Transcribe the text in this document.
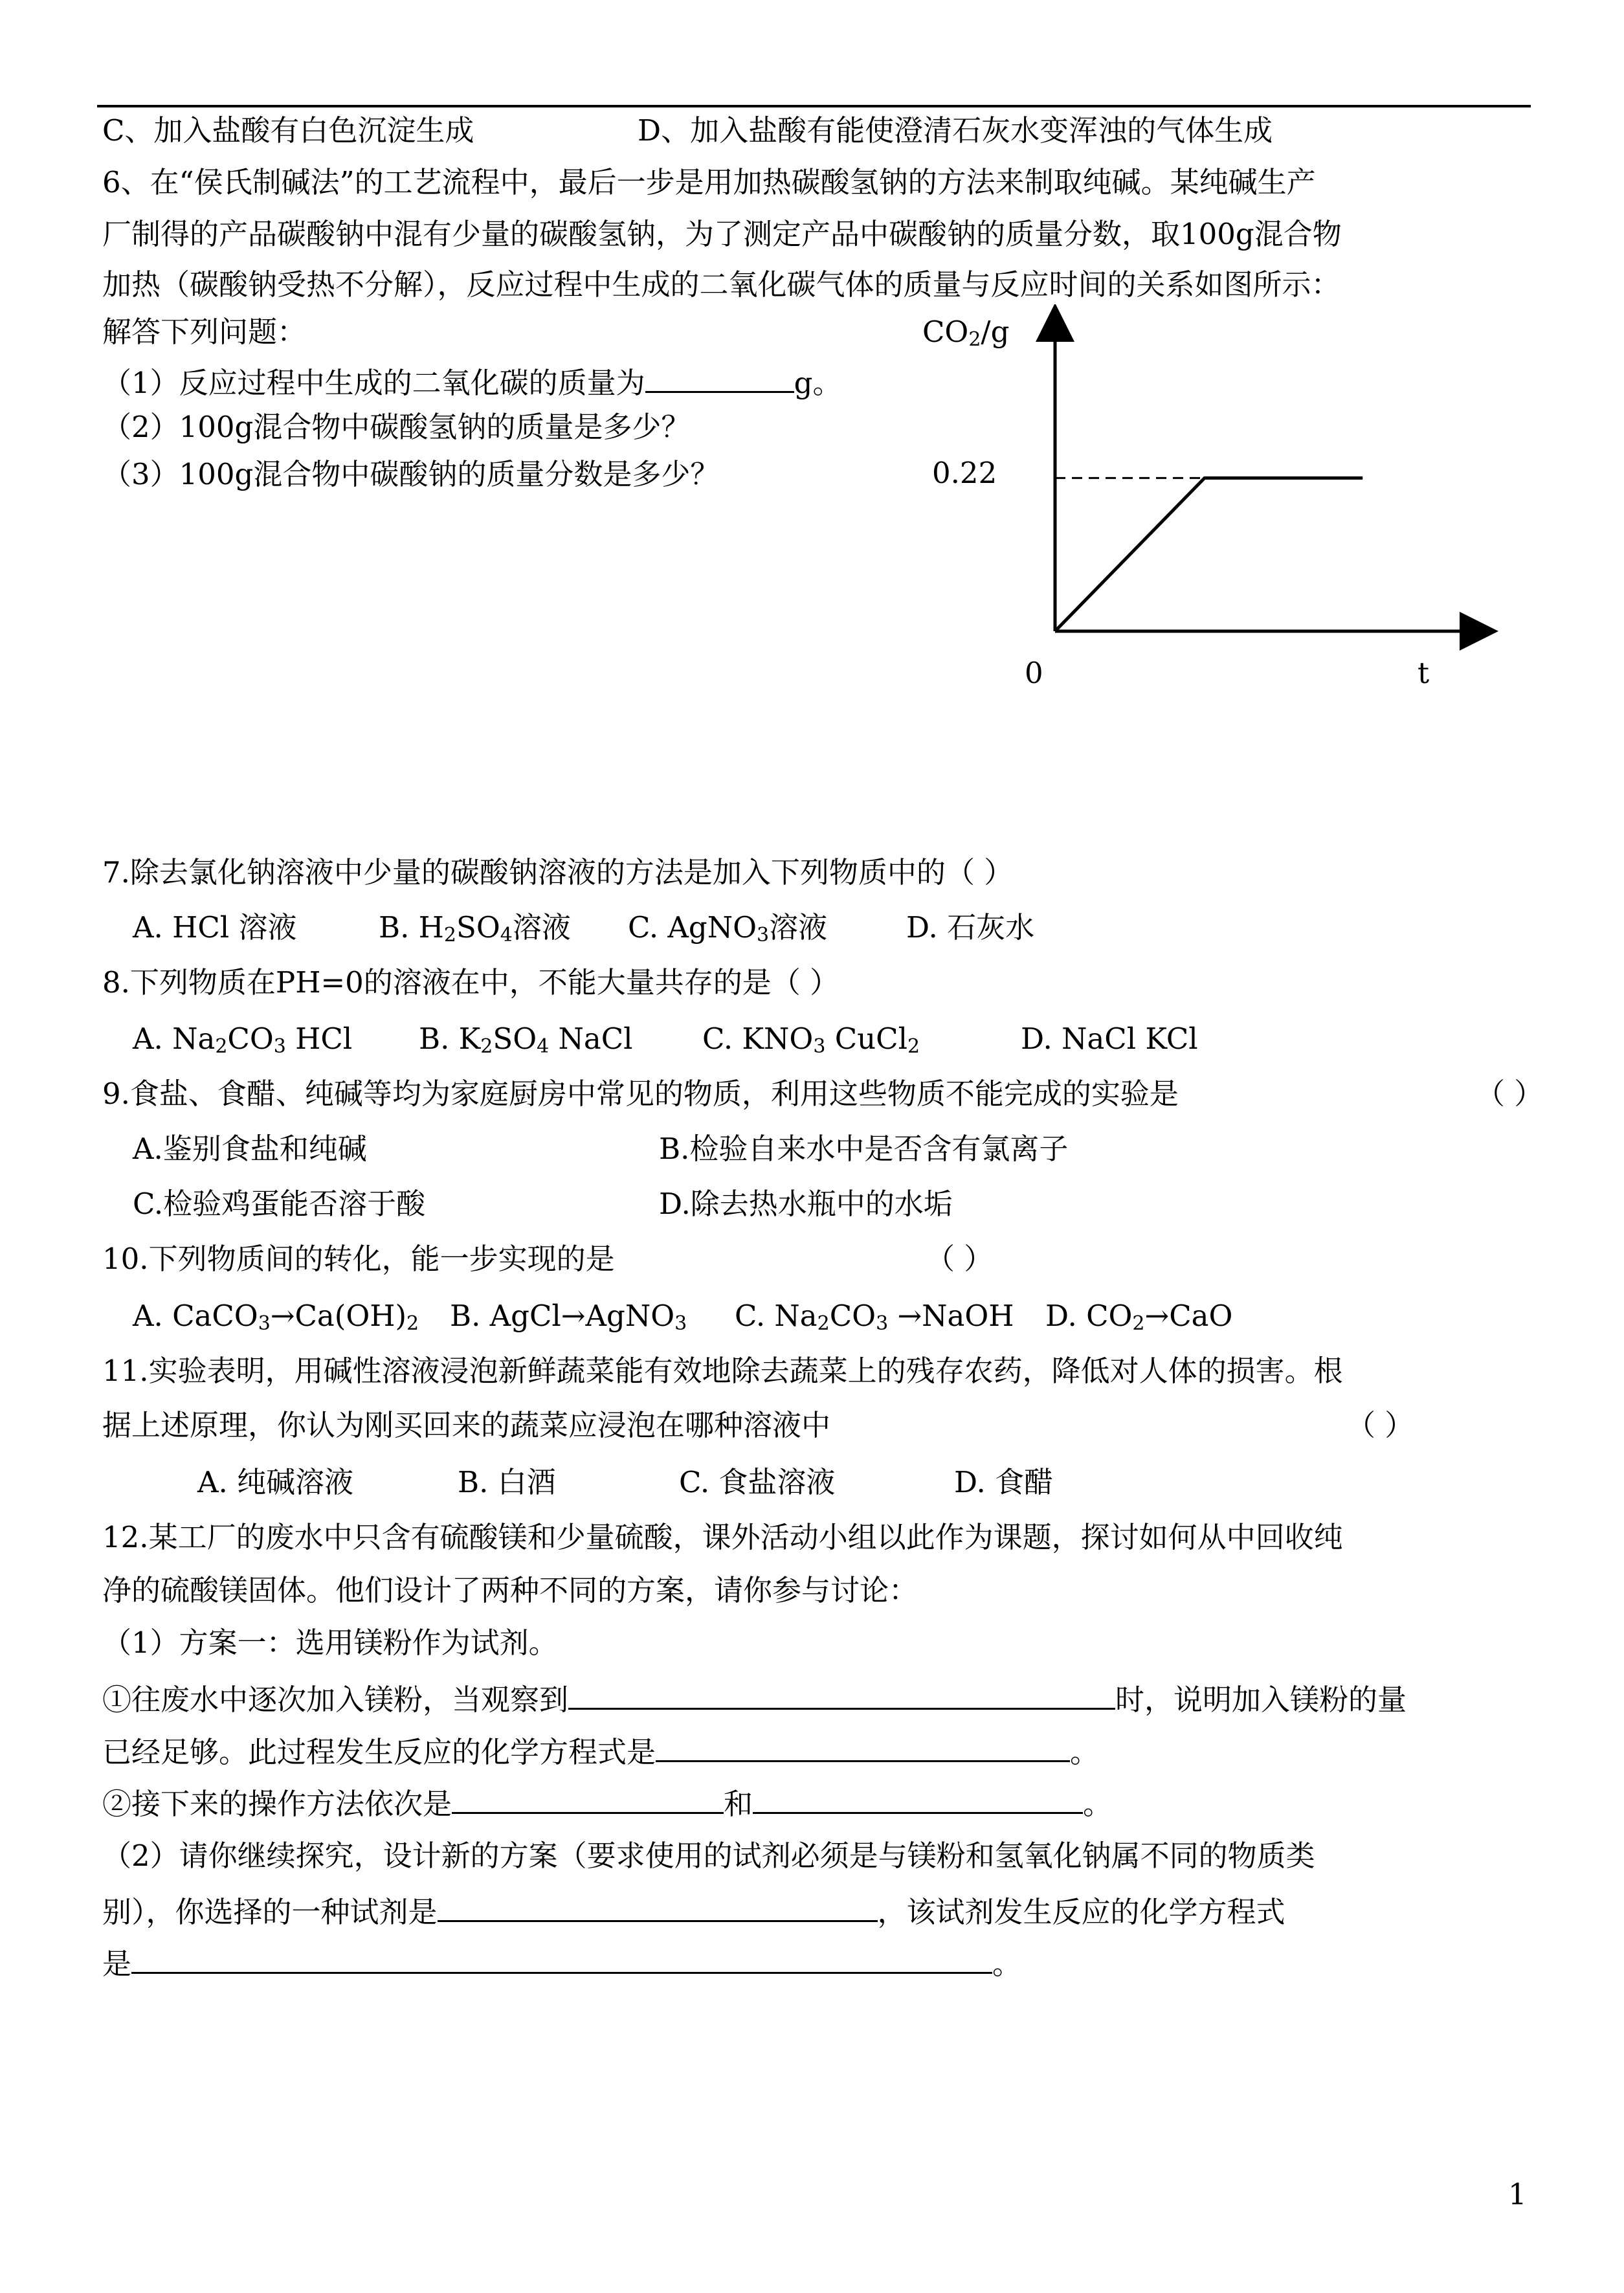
C、加入盐酸有白色沉淀生成	D、加入盐酸有能使澄清石灰水变浑浊的气体生成
6、在“侯氏制碱法”的工艺流程中，最后一步是用加热碳酸氢钠的方法来制取纯碱。某纯碱生产
厂制得的产品碳酸钠中混有少量的碳酸氢钠，为了测定产品中碳酸钠的质量分数，取100g混合物
加热（碳酸钠受热不分解），反应过程中生成的二氧化碳气体的质量与反应时间的关系如图所示：
解答下列问题：
（1）反应过程中生成的二氧化碳的质量为	g。
（2）100g混合物中碳酸氢钠的质量是多少？
（3）100g混合物中碳酸钠的质量分数是多少？
$CO_2/g$
0.22
0	t
7.除去氯化钠溶液中少量的碳酸钠溶液的方法是加入下列物质中的（ ）
A. HCl 溶液	B. $H_2SO_4$溶液 C. AgNO$_3$溶液	D. 石灰水
8.下列物质在PH=0的溶液在中，不能大量共存的是（ ）
A. $Na_2CO_3$ HCl B. $K_2SO_4$ NaCl C. $KNO_3$ CuCl$_2$	D. NaCl KCl
9.食盐、食醋、纯碱等均为家庭厨房中常见的物质，利用这些物质不能完成的实验是	（ ）
A.鉴别食盐和纯碱	B.检验自来水中是否含有氯离子
C.检验鸡蛋能否溶于酸	D.除去热水瓶中的水垢
10.下列物质间的转化，能一步实现的是	（ ）
A. $CaCO_3\to Ca(OH)_2$ B. AgCl→AgNO$_3$ C. $Na_2CO_3$ →NaOH D. $CO_2\to CaO$
11.实验表明，用碱性溶液浸泡新鲜蔬菜能有效地除去蔬菜上的残存农药，降低对人体的损害。根
据上述原理，你认为刚买回来的蔬菜应浸泡在哪种溶液中	（ ）
A. 纯碱溶液	B. 白酒	C. 食盐溶液	D. 食醋
12.某工厂的废水中只含有硫酸镁和少量硫酸，课外活动小组以此作为课题，探讨如何从中回收纯
净的硫酸镁固体。他们设计了两种不同的方案，请你参与讨论：
（1）方案一：选用镁粉作为试剂。
①往废水中逐次加入镁粉，当观察到	时，说明加入镁粉的量
已经足够。此过程发生反应的化学方程式是	。
②接下来的操作方法依次是	和	。
（2）请你继续探究，设计新的方案（要求使用的试剂必须是与镁粉和氢氧化钠属不同的物质类
别），你选择的一种试剂是	，该试剂发生反应的化学方程式
是	。
1
